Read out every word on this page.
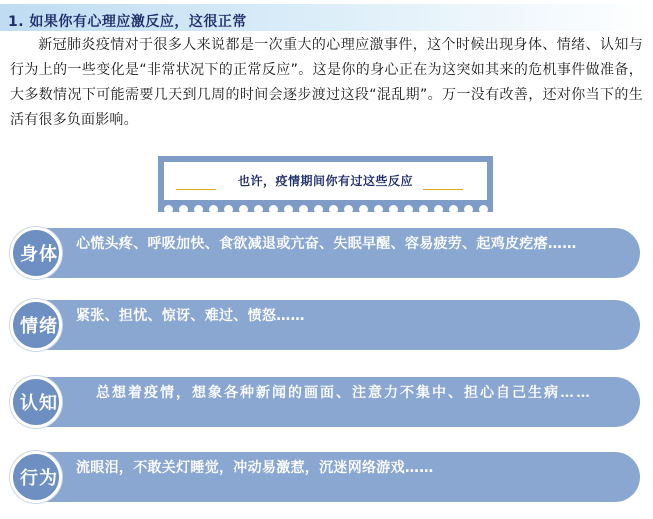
1. 如果你有心理应激反应，这很正常
新冠肺炎疫情对于很多人来说都是一次重大的心理应激事件，这个时候出现身体、情绪、认知与行为上的一些变化是“非常状况下的正常反应”。这是你的身心正在为这突如其来的危机事件做准备，大多数情况下可能需要几天到几周的时间会逐步渡过这段“混乱期”。万一没有改善，还对你当下的生活有很多负面影响。
也许，疫情期间你有过这些反应
身体	心慌头疼、呼吸加快、食欲减退或亢奋、失眠早醒、容易疲劳、起鸡皮疙瘩……
情绪	紧张、担忧、惊讶、难过、愤怒……
认知	总想着疫情，想象各种新闻的画面、注意力不集中、担心自己生病……
行为	流眼泪，不敢关灯睡觉，冲动易激惹，沉迷网络游戏……
